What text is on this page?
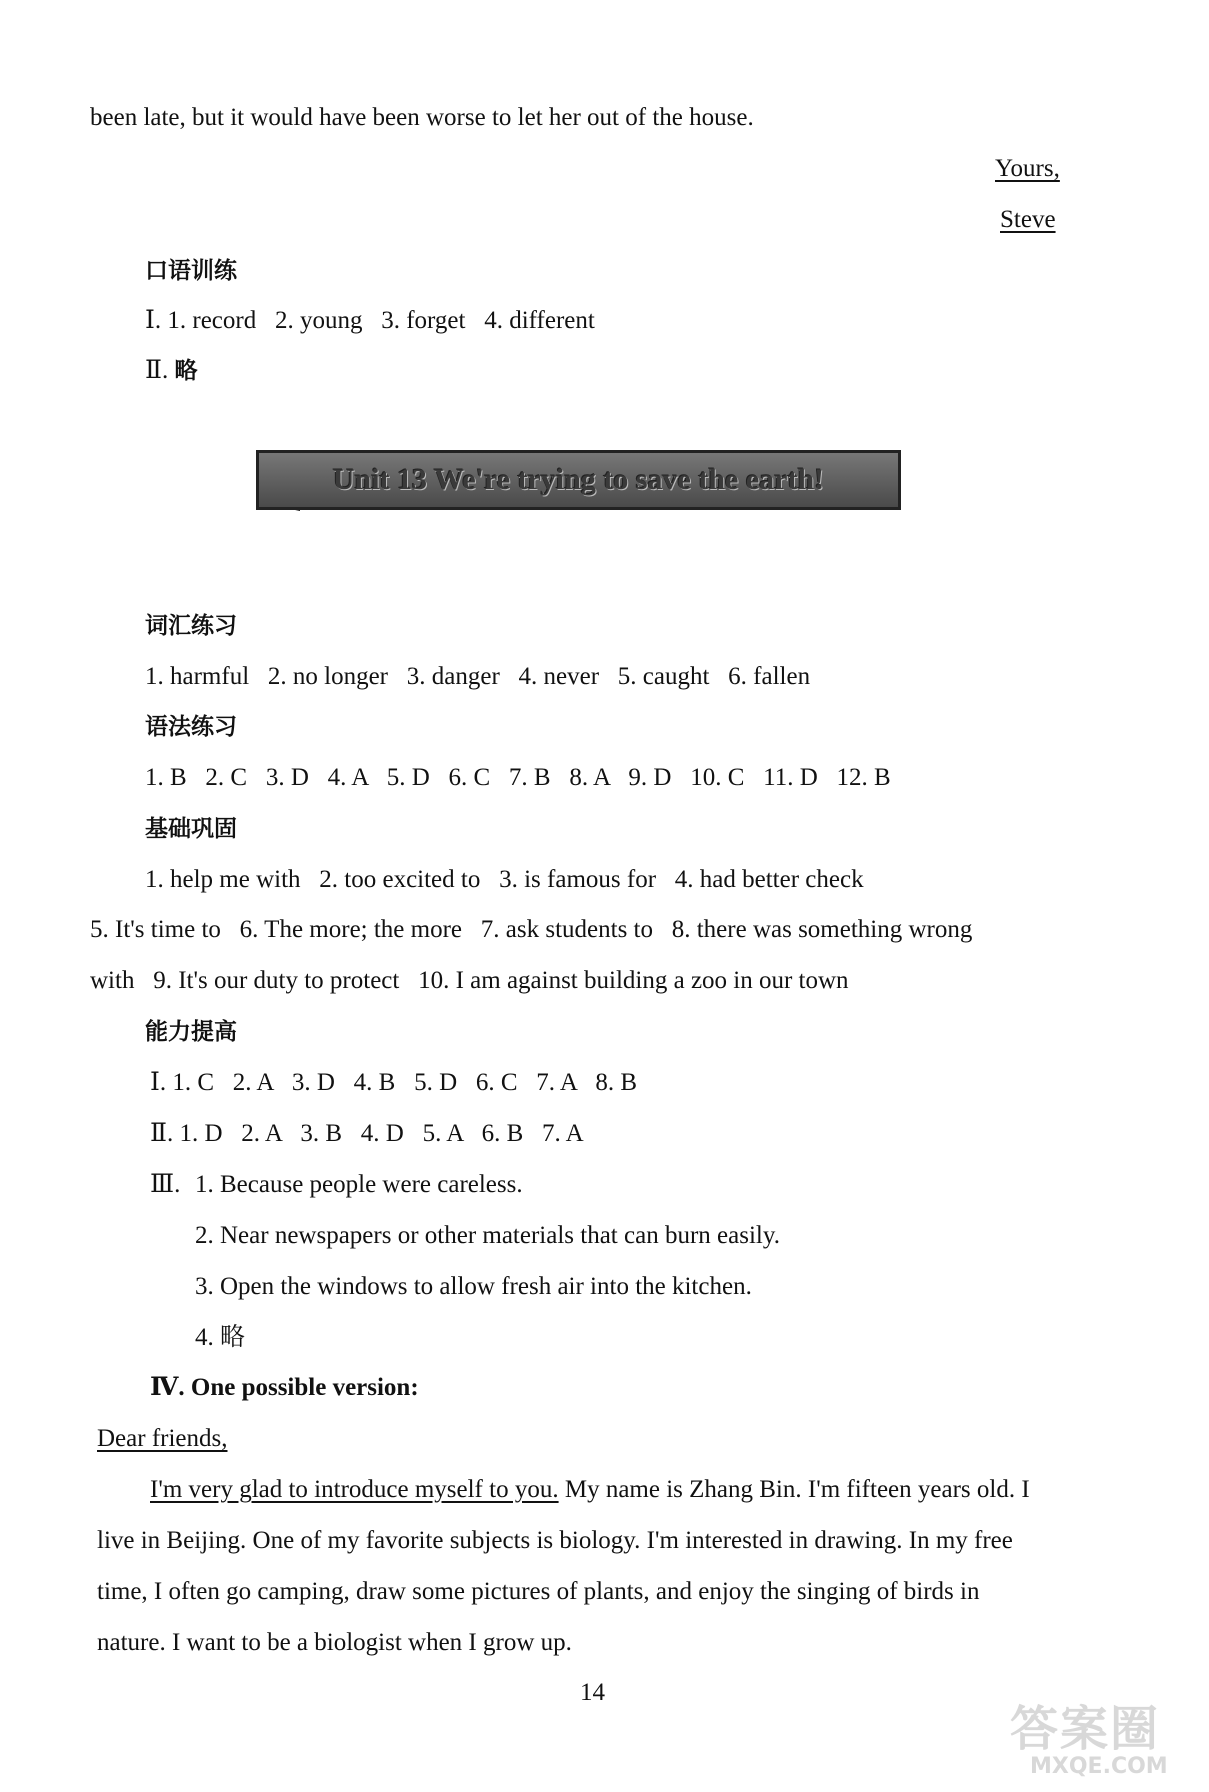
been late, but it would have been worse to let her out of the house.
Yours,
Steve
口语训练
Ⅰ. 1. record   2. young   3. forget   4. different
Ⅱ. 略
Unit 13 We're trying to save the earth!
词汇练习
1. harmful   2. no longer   3. danger   4. never   5. caught   6. fallen
语法练习
1. B   2. C   3. D   4. A   5. D   6. C   7. B   8. A   9. D   10. C   11. D   12. B
基础巩固
1. help me with   2. too excited to   3. is famous for   4. had better check
5. It's time to   6. The more; the more   7. ask students to   8. there was something wrong
with   9. It's our duty to protect   10. I am against building a zoo in our town
能力提高
Ⅰ. 1. C   2. A   3. D   4. B   5. D   6. C   7. A   8. B
Ⅱ. 1. D   2. A   3. B   4. D   5. A   6. B   7. A
Ⅲ. 1. Because people were careless.
2. Near newspapers or other materials that can burn easily.
3. Open the windows to allow fresh air into the kitchen.
4. 略
Ⅳ. One possible version:
Dear friends,
I'm very glad to introduce myself to you. My name is Zhang Bin. I'm fifteen years old. I
live in Beijing. One of my favorite subjects is biology. I'm interested in drawing. In my free
time, I often go camping, draw some pictures of plants, and enjoy the singing of birds in
nature. I want to be a biologist when I grow up.
14
答案圈
MXQE.COM
